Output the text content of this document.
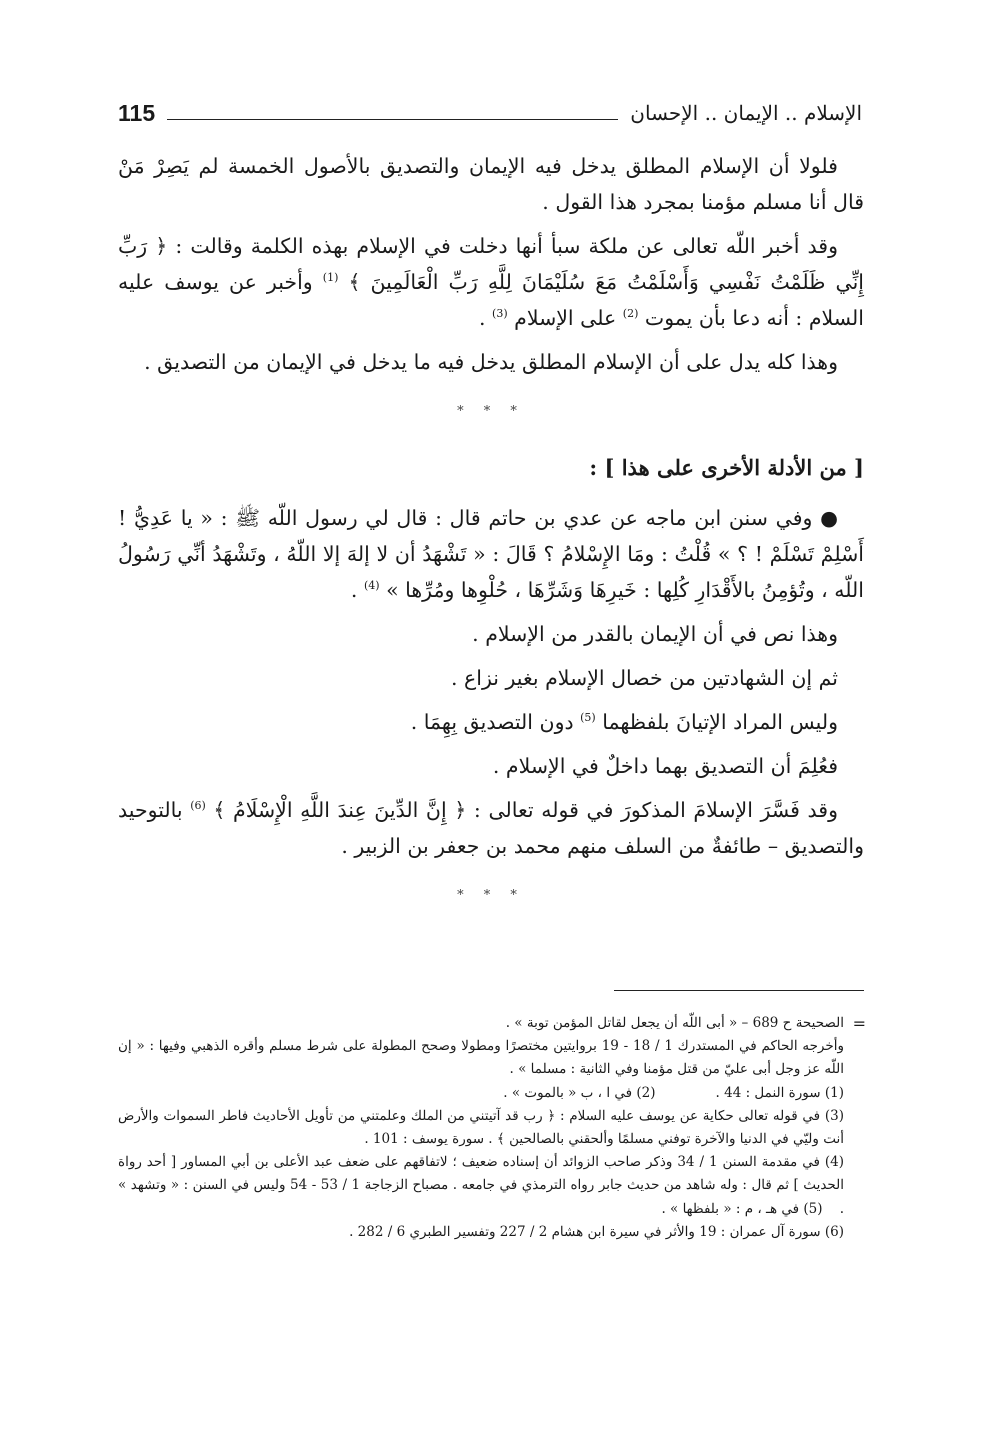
115	الإسلام .. الإيمان .. الإحسان

فلولا أن الإسلام المطلق يدخل فيه الإيمان والتصديق بالأصول الخمسة لم يَصِرْ مَنْ قال أنا مسلم مؤمنا بمجرد هذا القول .

وقد أخبر اللّه تعالى عن ملكة سبأ أنها دخلت في الإسلام بهذه الكلمة وقالت : ﴿ رَبِّ إِنِّي ظَلَمْتُ نَفْسِي وَأَسْلَمْتُ مَعَ سُلَيْمَانَ لِلَّهِ رَبِّ الْعَالَمِينَ ﴾ $^{(1)}$ وأخبر عن يوسف عليه السلام : أنه دعا بأن يموت $^{(2)}$ على الإسلام $^{(3)}$ .

وهذا كله يدل على أن الإسلام المطلق يدخل فيه ما يدخل في الإيمان من التصديق .

* * *

[ من الأدلة الأخرى على هذا ] :

● وفي سنن ابن ماجه عن عدي بن حاتم قال : قال لي رسول اللّه ﷺ : « يا عَدِيُّ ! أَسْلِمْ تَسْلَمْ ! ؟ » قُلْتُ : ومَا الإِسْلامُ ؟ قَالَ : « تَشْهَدُ أن لا إلهَ إلا اللّهُ ، وتَشْهَدُ أنِّي رَسُولُ اللّه ، وتُؤمِنُ بالأَقْدَارِ كُلِها : خَيرِهَا وَشَرِّهَا ، حُلْوِها ومُرِّها » $^{(4)}$ .

وهذا نص في أن الإيمان بالقدر من الإسلام .

ثم إن الشهادتين من خصال الإسلام بغير نزاع .

وليس المراد الإتيانَ بلفظهما $^{(5)}$ دون التصديق بِهِمَا .

فعُلِمَ أن التصديق بهما داخلٌ في الإسلام .

وقد فَسَّرَ الإسلامَ المذكورَ في قوله تعالى : ﴿ إِنَّ الدِّينَ عِندَ اللَّهِ الْإِسْلَامُ ﴾ $^{(6)}$ بالتوحيد والتصديق – طائفةٌ من السلف منهم محمد بن جعفر بن الزبير .

* * *

=
الصحيحة ح 689 – « أبى اللّه أن يجعل لقاتل المؤمن توبة » .

وأخرجه الحاكم في المستدرك 1 / 18 - 19 بروايتين مختصرًا ومطولا وصحح المطولة على شرط مسلم وأقره الذهبي وفيها : « إن اللّه عز وجل أبى عليّ من قتل مؤمنا وفي الثانية : مسلما » .

(1) سورة النمل : 44 .
(2) في ا ، ب « بالموت » .

(3) في قوله تعالى حكاية عن يوسف عليه السلام : ﴿ رب قد آتيتني من الملك وعلمتني من تأويل الأحاديث فاطر السموات والأرض أنت وليّي في الدنيا والآخرة توفني مسلمًا وألحقني بالصالحين ﴾ . سورة يوسف : 101 .

(4) في مقدمة السنن 1 / 34 وذكر صاحب الزوائد أن إسناده ضعيف ؛ لاتفاقهم على ضعف عبد الأعلى بن أبي المساور [ أحد رواة الحديث ] ثم قال : وله شاهد من حديث جابر رواه الترمذي في جامعه . مصباح الزجاجة 1 / 53 - 54 وليس في السنن : « وتشهد » .    (5) في هـ ، م : « بلفظها » .

(6) سورة آل عمران : 19 والأثر في سيرة ابن هشام 2 / 227 وتفسير الطبري 6 / 282 .
